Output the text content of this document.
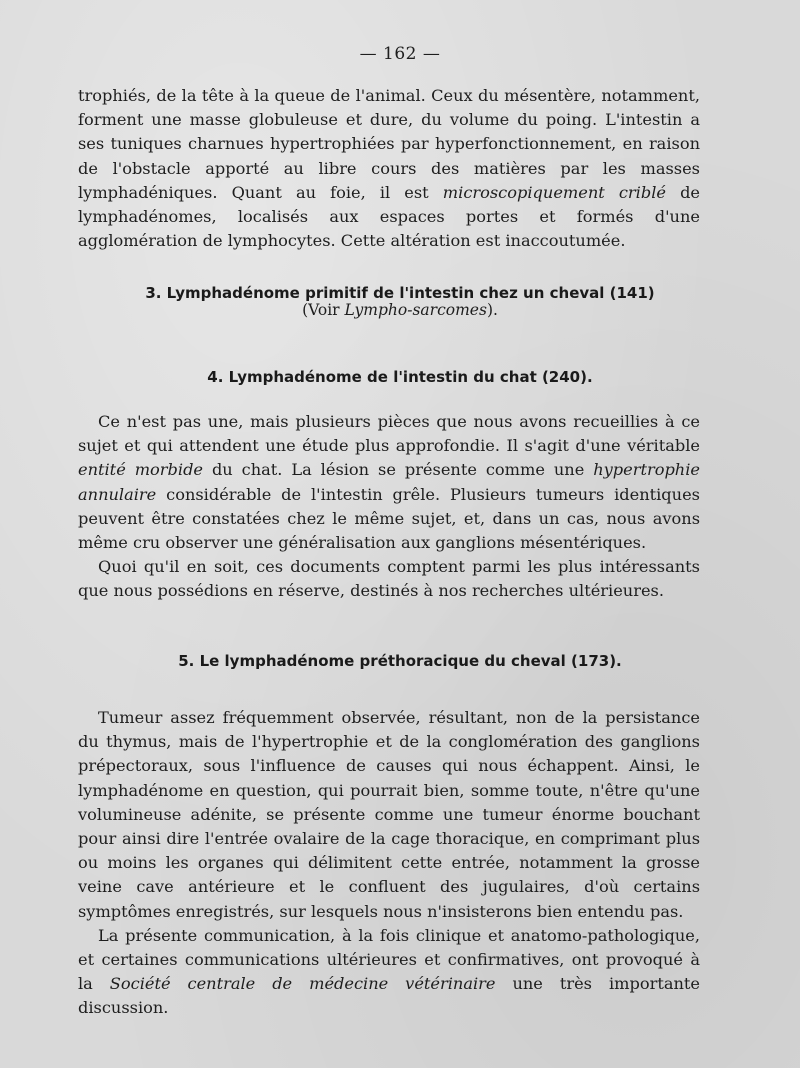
— 162 —

trophiés, de la tête à la queue de l'animal. Ceux du mésentère, notamment, forment une masse globuleuse et dure, du volume du poing. L'intestin a ses tuniques charnues hypertrophiées par hyperfonctionnement, en raison de l'obstacle apporté au libre cours des matières par les masses lymphadéniques. Quant au foie, il est microscopiquement criblé de lymphadénomes, localisés aux espaces portes et formés d'une agglomération de lymphocytes. Cette altération est inaccoutumée.

3. Lymphadénome primitif de l'intestin chez un cheval (141)
(Voir Lympho-sarcomes).
4. Lymphadénome de l'intestin du chat (240).

Ce n'est pas une, mais plusieurs pièces que nous avons recueillies à ce sujet et qui attendent une étude plus approfondie. Il s'agit d'une véritable entité morbide du chat. La lésion se présente comme une hypertrophie annulaire considérable de l'intestin grêle. Plusieurs tumeurs identiques peuvent être constatées chez le même sujet, et, dans un cas, nous avons même cru observer une généralisation aux ganglions mésentériques.

Quoi qu'il en soit, ces documents comptent parmi les plus intéressants que nous possédions en réserve, destinés à nos recherches ultérieures.

5. Le lymphadénome préthoracique du cheval (173).

Tumeur assez fréquemment observée, résultant, non de la persistance du thymus, mais de l'hypertrophie et de la conglomération des ganglions prépectoraux, sous l'influence de causes qui nous échappent. Ainsi, le lymphadénome en question, qui pourrait bien, somme toute, n'être qu'une volumineuse adénite, se présente comme une tumeur énorme bouchant pour ainsi dire l'entrée ovalaire de la cage thoracique, en comprimant plus ou moins les organes qui délimitent cette entrée, notamment la grosse veine cave antérieure et le confluent des jugulaires, d'où certains symptômes enregistrés, sur lesquels nous n'insisterons bien entendu pas.

La présente communication, à la fois clinique et anatomo-pathologique, et certaines communications ultérieures et confirmatives, ont provoqué à la Société centrale de médecine vétérinaire une très importante discussion.
